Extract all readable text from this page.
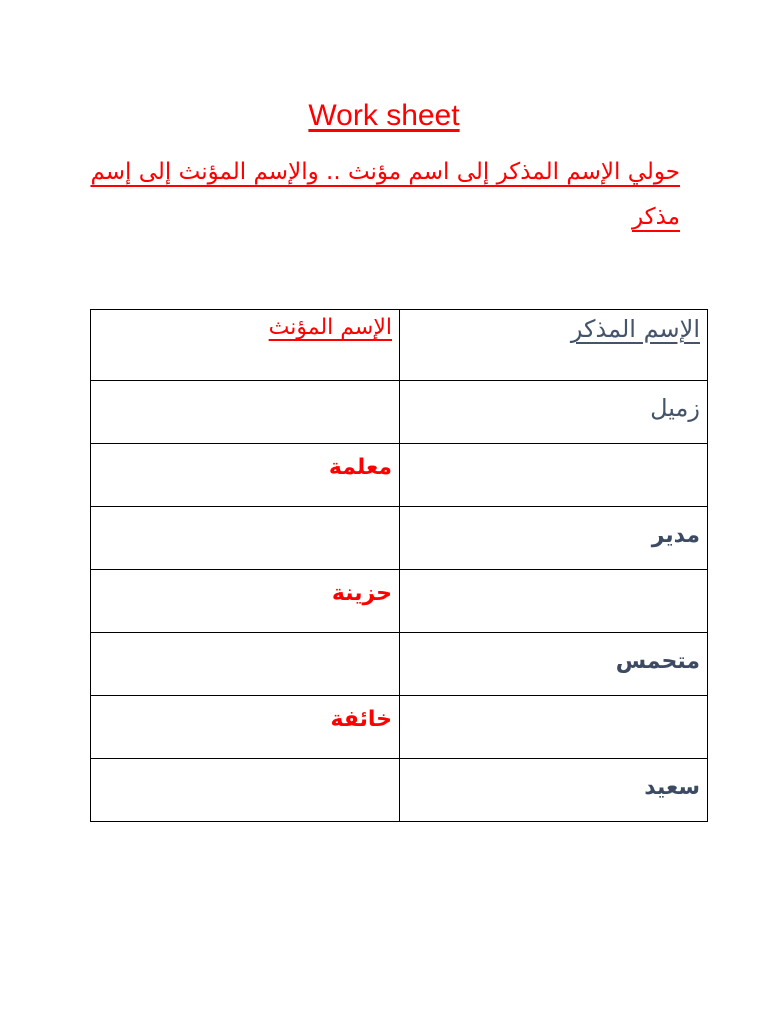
Work sheet
حولي الإسم المذكر إلى اسم مؤنث .. والإسم المؤنث إلى إسم مذكر
الإسم المذكر	الإسم المؤنث
زميل	
	معلمة
مدير	
	حزينة
متحمس	
	خائفة
سعيد	
